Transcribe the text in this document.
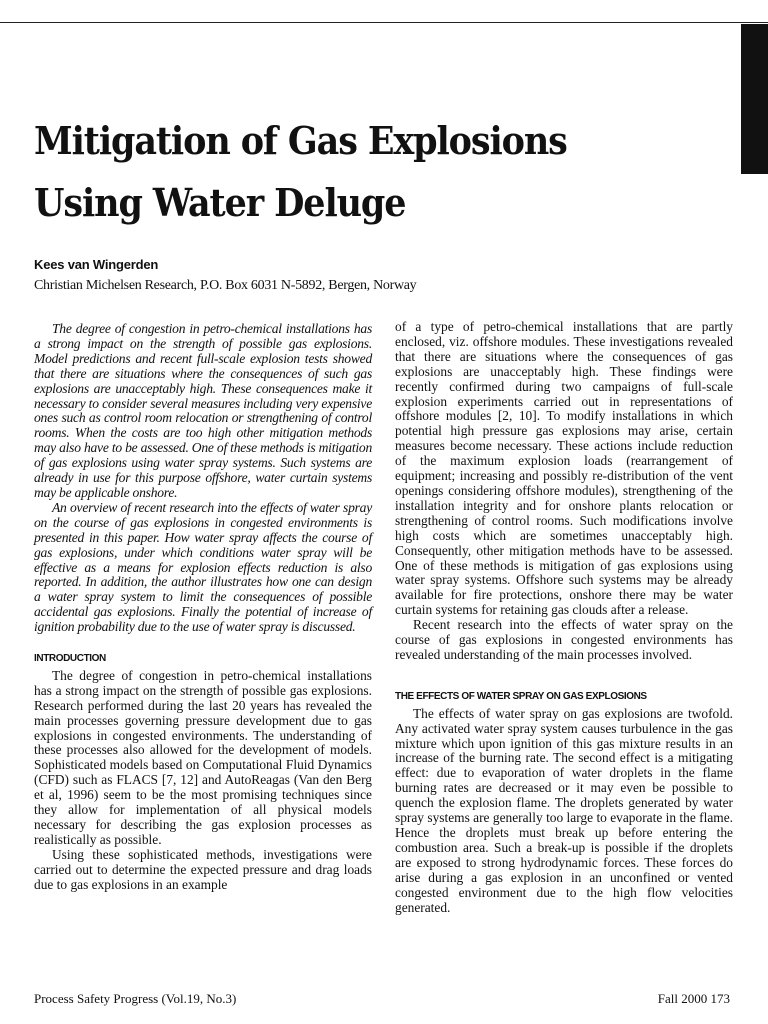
Mitigation of Gas Explosions Using Water Deluge
Kees van Wingerden
Christian Michelsen Research, P.O. Box 6031 N-5892, Bergen, Norway

The degree of congestion in petro-chemical installations has a strong impact on the strength of possible gas explosions. Model predictions and recent full-scale explosion tests showed that there are situations where the consequences of such gas explosions are unacceptably high. These consequences make it necessary to consider several measures including very expensive ones such as control room relocation or strengthening of control rooms. When the costs are too high other mitigation methods may also have to be assessed. One of these methods is mitigation of gas explosions using water spray systems. Such systems are already in use for this purpose offshore, water curtain systems may be applicable onshore.

An overview of recent research into the effects of water spray on the course of gas explosions in congested environments is presented in this paper. How water spray affects the course of gas explosions, under which conditions water spray will be effective as a means for explosion effects reduction is also reported. In addition, the author illustrates how one can design a water spray system to limit the consequences of possible accidental gas explosions. Finally the potential of increase of ignition probability due to the use of water spray is discussed.

INTRODUCTION

The degree of congestion in petro-chemical installations has a strong impact on the strength of possible gas explosions. Research performed during the last 20 years has revealed the main processes governing pressure development due to gas explosions in congested environments. The understanding of these processes also allowed for the development of models. Sophisticated models based on Computational Fluid Dynamics (CFD) such as FLACS [7, 12] and AutoReagas (Van den Berg et al, 1996) seem to be the most promising techniques since they allow for implementation of all physical models necessary for describing the gas explosion processes as realistically as possible.

Using these sophisticated methods, investigations were carried out to determine the expected pressure and drag loads due to gas explosions in an example

of a type of petro-chemical installations that are partly enclosed, viz. offshore modules. These investigations revealed that there are situations where the consequences of gas explosions are unacceptably high. These findings were recently confirmed during two campaigns of full-scale explosion experiments carried out in representations of offshore modules [2, 10]. To modify installations in which potential high pressure gas explosions may arise, certain measures become necessary. These actions include reduction of the maximum explosion loads (rearrangement of equipment; increasing and possibly re-distribution of the vent openings considering offshore modules), strengthening of the installation integrity and for onshore plants relocation or strengthening of control rooms. Such modifications involve high costs which are sometimes unacceptably high. Consequently, other mitigation methods have to be assessed. One of these methods is mitigation of gas explosions using water spray systems. Offshore such systems may be already available for fire protections, onshore there may be water curtain systems for retaining gas clouds after a release.

Recent research into the effects of water spray on the course of gas explosions in congested environments has revealed understanding of the main processes involved.

THE EFFECTS OF WATER SPRAY ON GAS EXPLOSIONS

The effects of water spray on gas explosions are twofold. Any activated water spray system causes turbulence in the gas mixture which upon ignition of this gas mixture results in an increase of the burning rate. The second effect is a mitigating effect: due to evaporation of water droplets in the flame burning rates are decreased or it may even be possible to quench the explosion flame. The droplets generated by water spray systems are generally too large to evaporate in the flame. Hence the droplets must break up before entering the combustion area. Such a break-up is possible if the droplets are exposed to strong hydrodynamic forces. These forces do arise during a gas explosion in an unconfined or vented congested environment due to the high flow velocities generated.

Process Safety Progress (Vol.19, No.3)	Fall 2000 173
